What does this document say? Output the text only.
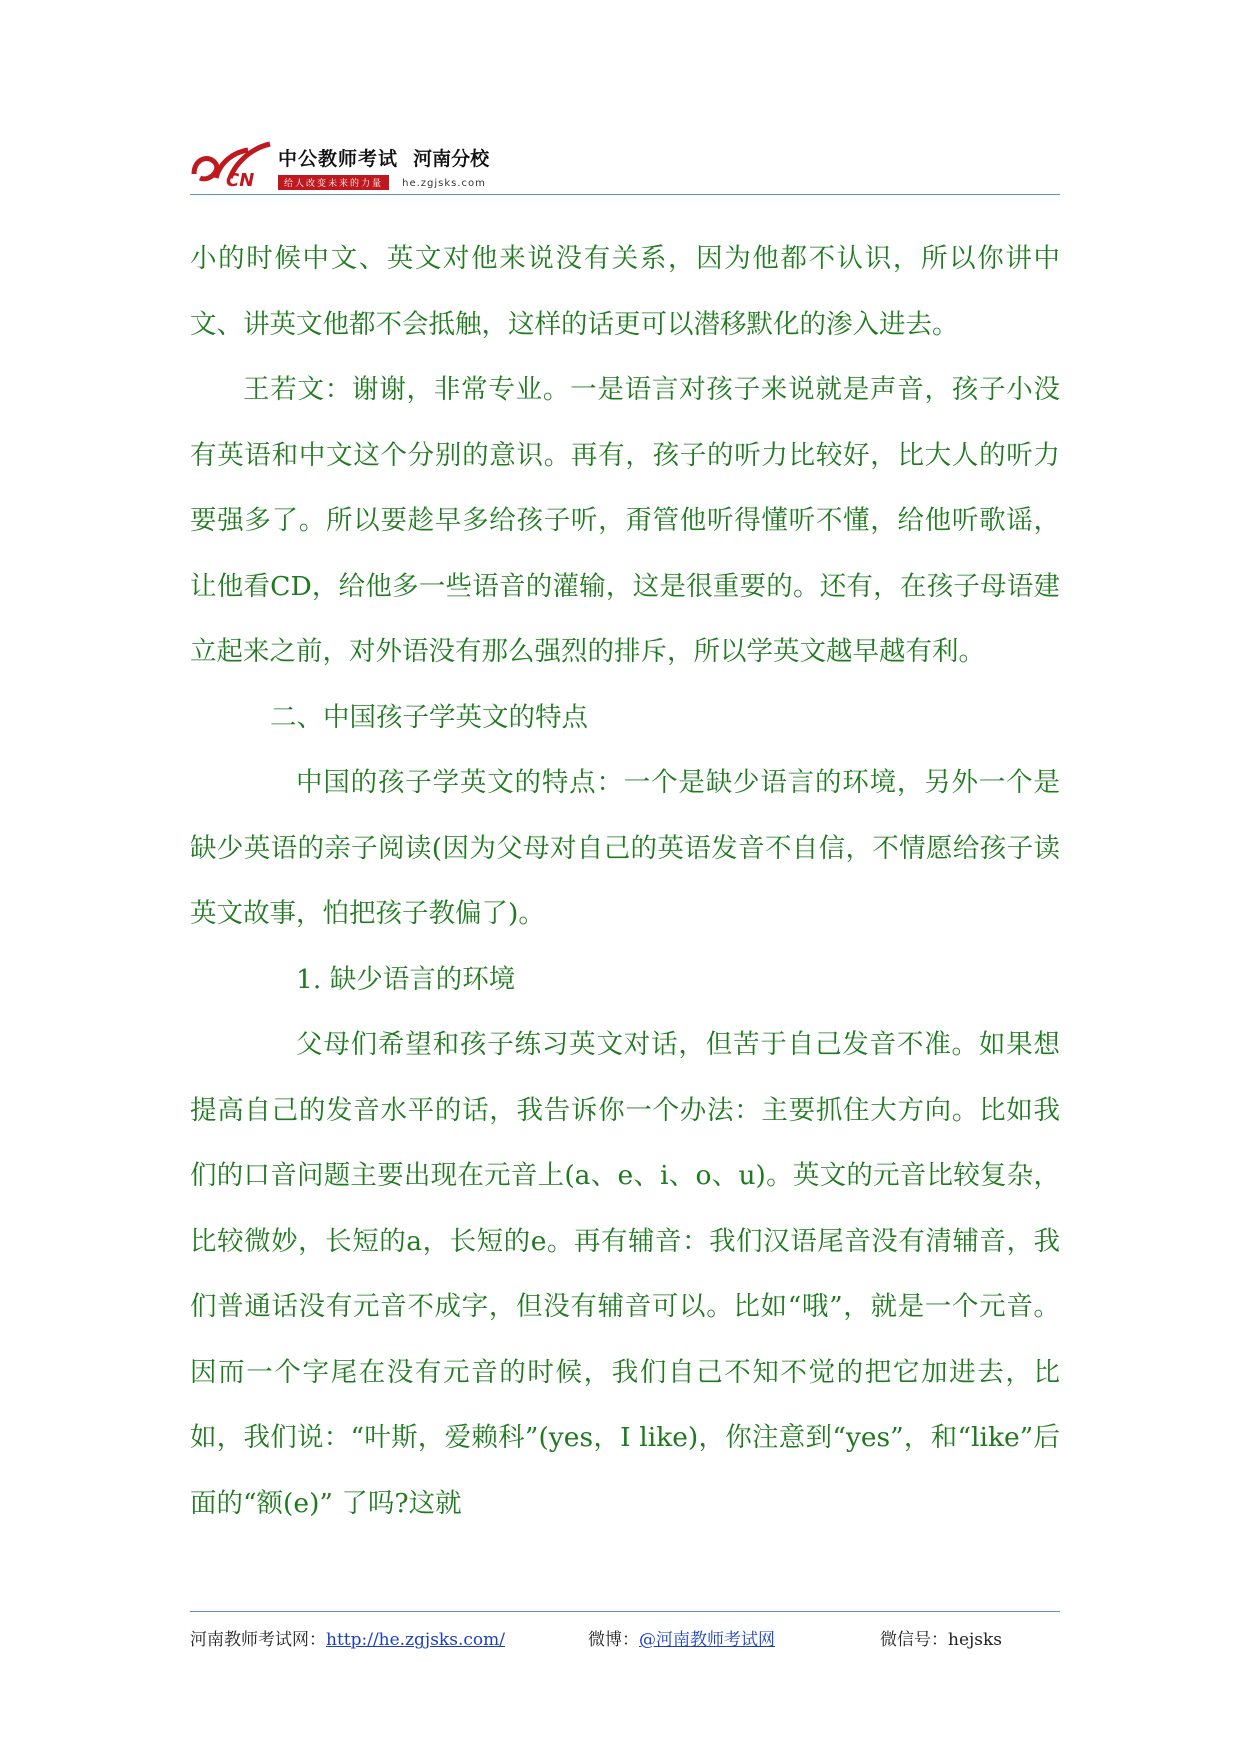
CN
中公教师考试 河南分校
给人改变未来的力量 he.zgjsks.com

小的时候中文、英文对他来说没有关系，因为他都不认识，所以你讲中文、讲英文他都不会抵触，这样的话更可以潜移默化的渗入进去。

王若文：谢谢，非常专业。一是语言对孩子来说就是声音，孩子小没有英语和中文这个分别的意识。再有，孩子的听力比较好，比大人的听力要强多了。所以要趁早多给孩子听，甭管他听得懂听不懂，给他听歌谣，让他看CD，给他多一些语音的灌输，这是很重要的。还有，在孩子母语建立起来之前，对外语没有那么强烈的排斥，所以学英文越早越有利。

二、中国孩子学英文的特点

中国的孩子学英文的特点：一个是缺少语言的环境，另外一个是缺少英语的亲子阅读(因为父母对自己的英语发音不自信，不情愿给孩子读英文故事，怕把孩子教偏了)。

1. 缺少语言的环境

父母们希望和孩子练习英文对话，但苦于自己发音不准。如果想提高自己的发音水平的话，我告诉你一个办法：主要抓住大方向。比如我们的口音问题主要出现在元音上(a、e、i、o、u)。英文的元音比较复杂，比较微妙，长短的a，长短的e。再有辅音：我们汉语尾音没有清辅音，我们普通话没有元音不成字，但没有辅音可以。比如“哦”，就是一个元音。因而一个字尾在没有元音的时候，我们自己不知不觉的把它加进去，比如，我们说：“叶斯，爱赖科”(yes，I like)，你注意到“yes”，和“like”后面的“额(e)” 了吗?这就

河南教师考试网：http://he.zgjsks.com/	微博：@河南教师考试网	微信号：hejsks
